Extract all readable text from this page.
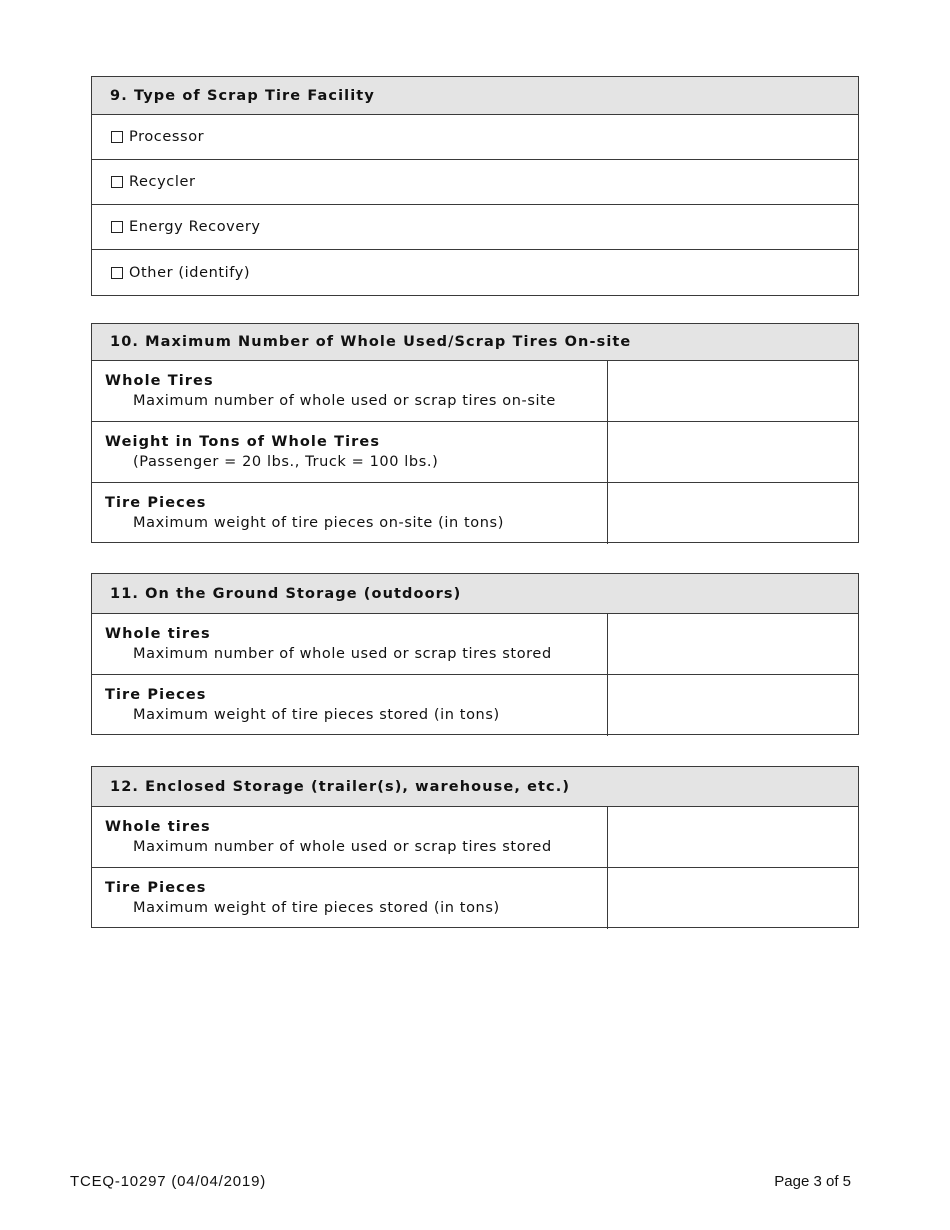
9. Type of Scrap Tire Facility
Processor
Recycler
Energy Recovery
Other (identify)
10. Maximum Number of Whole Used/Scrap Tires On-site
Whole Tires
Maximum number of whole used or scrap tires on-site
Weight in Tons of Whole Tires
(Passenger = 20 lbs., Truck = 100 lbs.)
Tire Pieces
Maximum weight of tire pieces on-site (in tons)
11. On the Ground Storage (outdoors)
Whole tires
Maximum number of whole used or scrap tires stored
Tire Pieces
Maximum weight of tire pieces stored (in tons)
12. Enclosed Storage (trailer(s), warehouse, etc.)
Whole tires
Maximum number of whole used or scrap tires stored
Tire Pieces
Maximum weight of tire pieces stored (in tons)
TCEQ-10297 (04/04/2019)	Page 3 of 5
